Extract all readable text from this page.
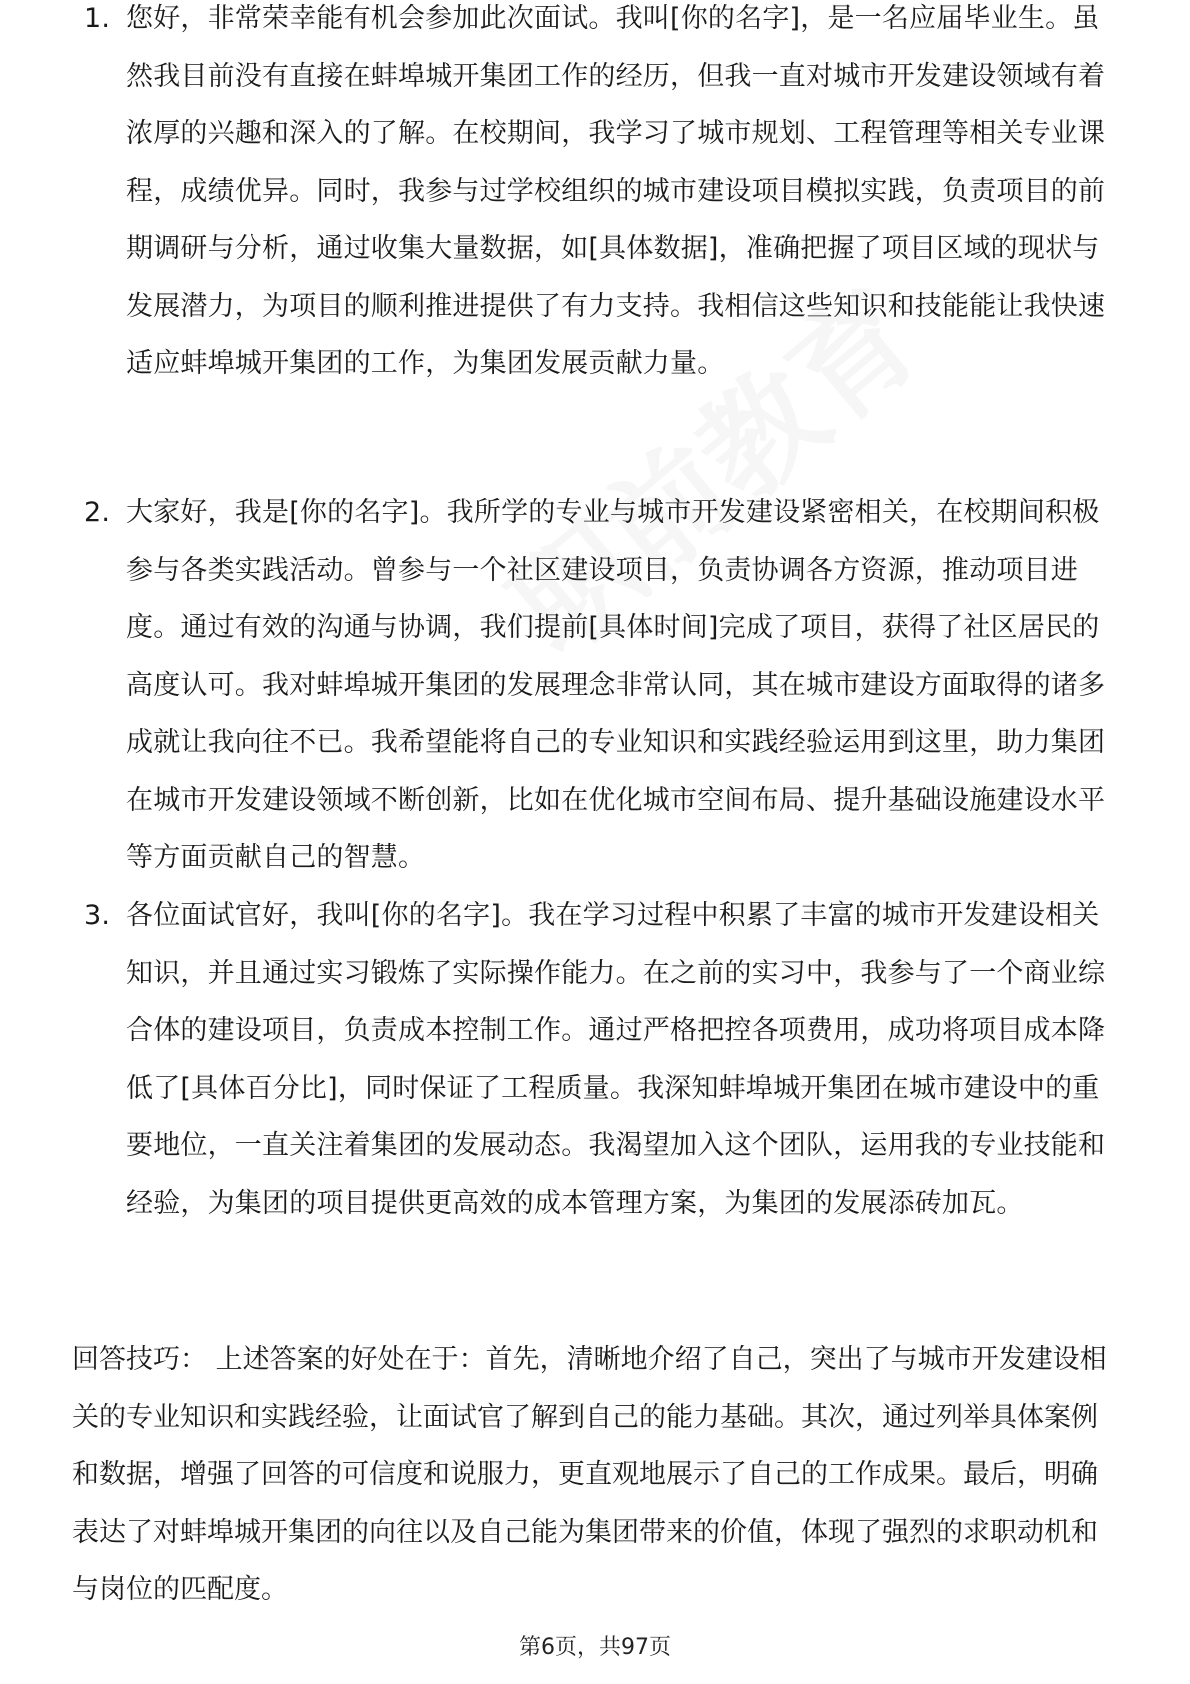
1. 您好，非常荣幸能有机会参加此次面试。我叫[你的名字]，是一名应届毕业生。虽然我目前没有直接在蚌埠城开集团工作的经历，但我一直对城市开发建设领域有着浓厚的兴趣和深入的了解。在校期间，我学习了城市规划、工程管理等相关专业课程，成绩优异。同时，我参与过学校组织的城市建设项目模拟实践，负责项目的前期调研与分析，通过收集大量数据，如[具体数据]，准确把握了项目区域的现状与发展潜力，为项目的顺利推进提供了有力支持。我相信这些知识和技能能让我快速适应蚌埠城开集团的工作，为集团发展贡献力量。
2. 大家好，我是[你的名字]。我所学的专业与城市开发建设紧密相关，在校期间积极参与各类实践活动。曾参与一个社区建设项目，负责协调各方资源，推动项目进度。通过有效的沟通与协调，我们提前[具体时间]完成了项目，获得了社区居民的高度认可。我对蚌埠城开集团的发展理念非常认同，其在城市建设方面取得的诸多成就让我向往不已。我希望能将自己的专业知识和实践经验运用到这里，助力集团在城市开发建设领域不断创新，比如在优化城市空间布局、提升基础设施建设水平等方面贡献自己的智慧。
3. 各位面试官好，我叫[你的名字]。我在学习过程中积累了丰富的城市开发建设相关知识，并且通过实习锻炼了实际操作能力。在之前的实习中，我参与了一个商业综合体的建设项目，负责成本控制工作。通过严格把控各项费用，成功将项目成本降低了[具体百分比]，同时保证了工程质量。我深知蚌埠城开集团在城市建设中的重要地位，一直关注着集团的发展动态。我渴望加入这个团队，运用我的专业技能和经验，为集团的项目提供更高效的成本管理方案，为集团的发展添砖加瓦。
回答技巧： 上述答案的好处在于：首先，清晰地介绍了自己，突出了与城市开发建设相关的专业知识和实践经验，让面试官了解到自己的能力基础。其次，通过列举具体案例和数据，增强了回答的可信度和说服力，更直观地展示了自己的工作成果。最后，明确表达了对蚌埠城开集团的向往以及自己能为集团带来的价值，体现了强烈的求职动机和与岗位的匹配度。
第6页，共97页
